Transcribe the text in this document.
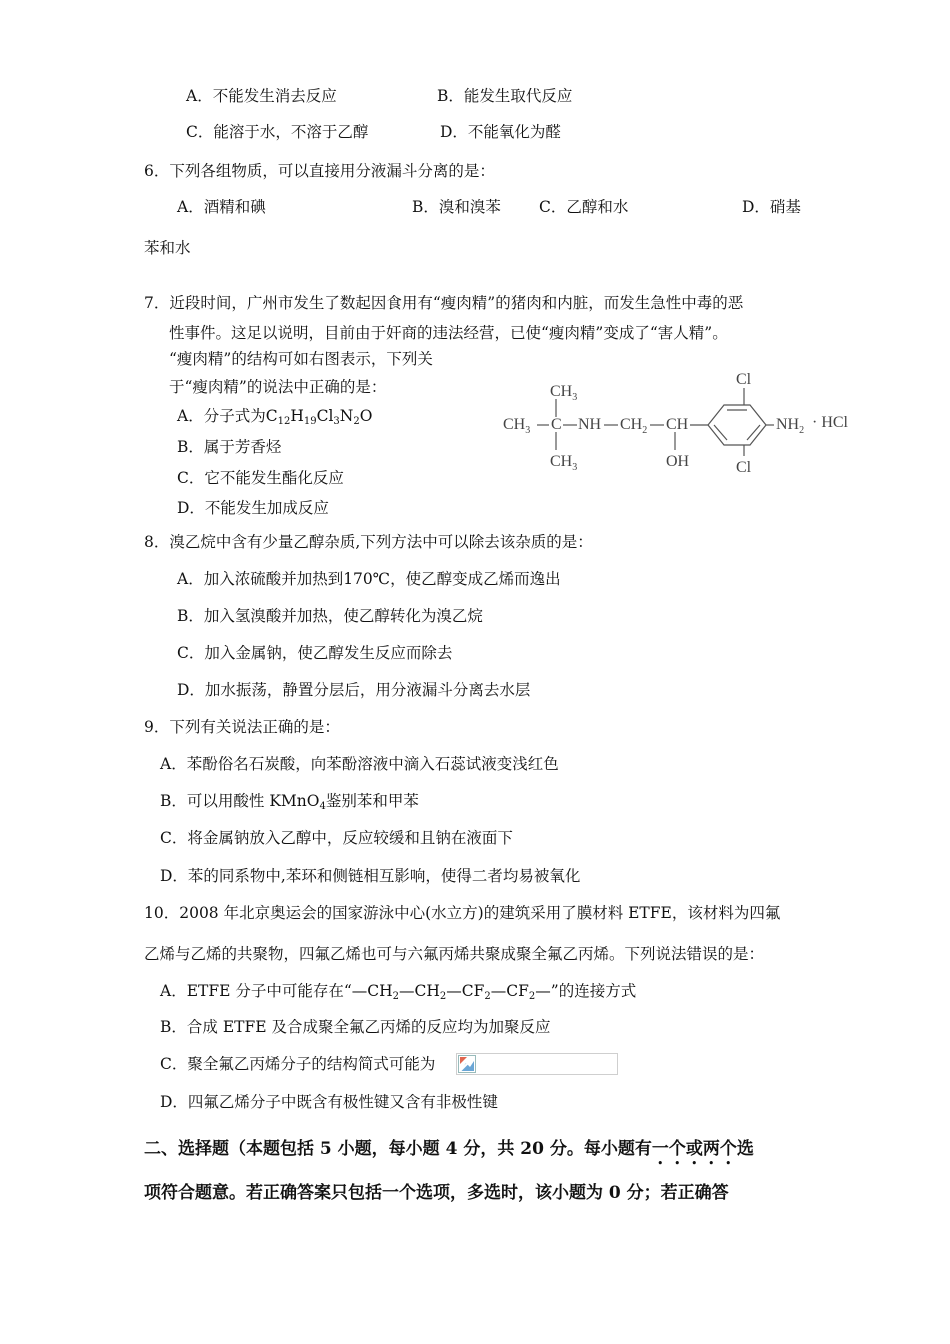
A．不能发生消去反应	B．能发生取代反应
C．能溶于水，不溶于乙醇	D．不能氧化为醛
6．下列各组物质，可以直接用分液漏斗分离的是：
A．酒精和碘	B．溴和溴苯 C．乙醇和水	D．硝基
苯和水
7．近段时间，广州市发生了数起因食用有“瘦肉精”的猪肉和内脏，而发生急性中毒的恶
性事件。这足以说明，目前由于奸商的违法经营，已使“瘦肉精”变成了“害人精”。
“瘦肉精”的结构可如右图表示，下列关
于“瘦肉精”的说法中正确的是：
A．分子式为$C_{12}H_{19}Cl_3N_2O$
B．属于芳香烃
C．它不能发生酯化反应
D．不能发生加成反应
$CH_3$
$CH_3$ C NH $CH_2$ CH
OH
$CH_3$
Cl
Cl
$NH_2$ · HCl
8．溴乙烷中含有少量乙醇杂质,下列方法中可以除去该杂质的是：
A．加入浓硫酸并加热到170℃，使乙醇变成乙烯而逸出
B．加入氢溴酸并加热，使乙醇转化为溴乙烷
C．加入金属钠，使乙醇发生反应而除去
D．加水振荡，静置分层后，用分液漏斗分离去水层
9．下列有关说法正确的是：
A．苯酚俗名石炭酸，向苯酚溶液中滴入石蕊试液变浅红色
B．可以用酸性 KMnO$_4$鉴别苯和甲苯
C．将金属钠放入乙醇中，反应较缓和且钠在液面下
D．苯的同系物中,苯环和侧链相互影响，使得二者均易被氧化
10．2008 年北京奥运会的国家游泳中心(水立方)的建筑采用了膜材料 ETFE，该材料为四氟
乙烯与乙烯的共聚物，四氟乙烯也可与六氟丙烯共聚成聚全氟乙丙烯。下列说法错误的是：
A．ETFE 分子中可能存在“$—CH_2—CH_2—CF_2—CF_2—$”的连接方式
B．合成 ETFE 及合成聚全氟乙丙烯的反应均为加聚反应
C．聚全氟乙丙烯分子的结构简式可能为
D．四氟乙烯分子中既含有极性键又含有非极性键
二、选择题（本题包括 5 小题，每小题 4 分，共 20 分。每小题有一个或两个选
项符合题意。若正确答案只包括一个选项，多选时，该小题为 0 分；若正确答
